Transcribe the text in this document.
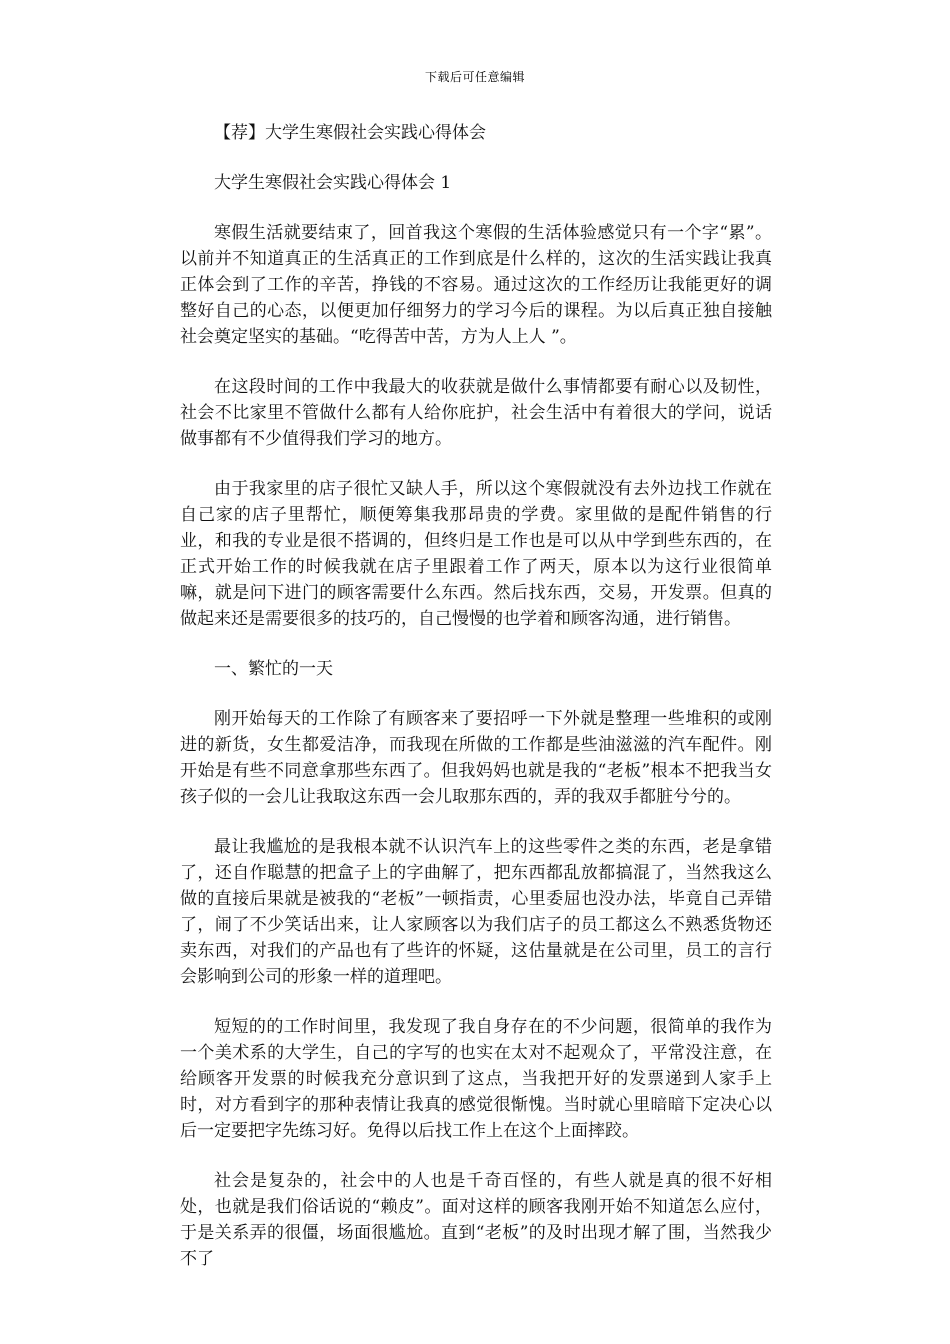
下载后可任意编辑

【荐】大学生寒假社会实践心得体会

大学生寒假社会实践心得体会 1

寒假生活就要结束了，回首我这个寒假的生活体验感觉只有一个字“累”。以前并不知道真正的生活真正的工作到底是什么样的，这次的生活实践让我真正体会到了工作的辛苦，挣钱的不容易。通过这次的工作经历让我能更好的调整好自己的心态，以便更加仔细努力的学习今后的课程。为以后真正独自接触社会奠定坚实的基础。“吃得苦中苦，方为人上人 ”。

在这段时间的工作中我最大的收获就是做什么事情都要有耐心以及韧性，社会不比家里不管做什么都有人给你庇护，社会生活中有着很大的学问，说话做事都有不少值得我们学习的地方。

由于我家里的店子很忙又缺人手，所以这个寒假就没有去外边找工作就在自己家的店子里帮忙，顺便筹集我那昂贵的学费。家里做的是配件销售的行业，和我的专业是很不搭调的，但终归是工作也是可以从中学到些东西的，在正式开始工作的时候我就在店子里跟着工作了两天，原本以为这行业很简单嘛，就是问下进门的顾客需要什么东西。然后找东西，交易，开发票。但真的做起来还是需要很多的技巧的，自己慢慢的也学着和顾客沟通，进行销售。

一、繁忙的一天

刚开始每天的工作除了有顾客来了要招呼一下外就是整理一些堆积的或刚进的新货，女生都爱洁净，而我现在所做的工作都是些油滋滋的汽车配件。刚开始是有些不同意拿那些东西了。但我妈妈也就是我的“老板”根本不把我当女孩子似的一会儿让我取这东西一会儿取那东西的，弄的我双手都脏兮兮的。

最让我尴尬的是我根本就不认识汽车上的这些零件之类的东西，老是拿错了，还自作聪慧的把盒子上的字曲解了，把东西都乱放都搞混了，当然我这么做的直接后果就是被我的“老板”一顿指责，心里委屈也没办法，毕竟自己弄错了，闹了不少笑话出来，让人家顾客以为我们店子的员工都这么不熟悉货物还卖东西，对我们的产品也有了些许的怀疑，这估量就是在公司里，员工的言行会影响到公司的形象一样的道理吧。

短短的的工作时间里，我发现了我自身存在的不少问题，很简单的我作为一个美术系的大学生，自己的字写的也实在太对不起观众了，平常没注意，在给顾客开发票的时候我充分意识到了这点，当我把开好的发票递到人家手上时，对方看到字的那种表情让我真的感觉很惭愧。当时就心里暗暗下定决心以后一定要把字先练习好。免得以后找工作上在这个上面摔跤。

社会是复杂的，社会中的人也是千奇百怪的，有些人就是真的很不好相处，也就是我们俗话说的“赖皮”。面对这样的顾客我刚开始不知道怎么应付，于是关系弄的很僵，场面很尴尬。直到“老板”的及时出现才解了围，当然我少不了
